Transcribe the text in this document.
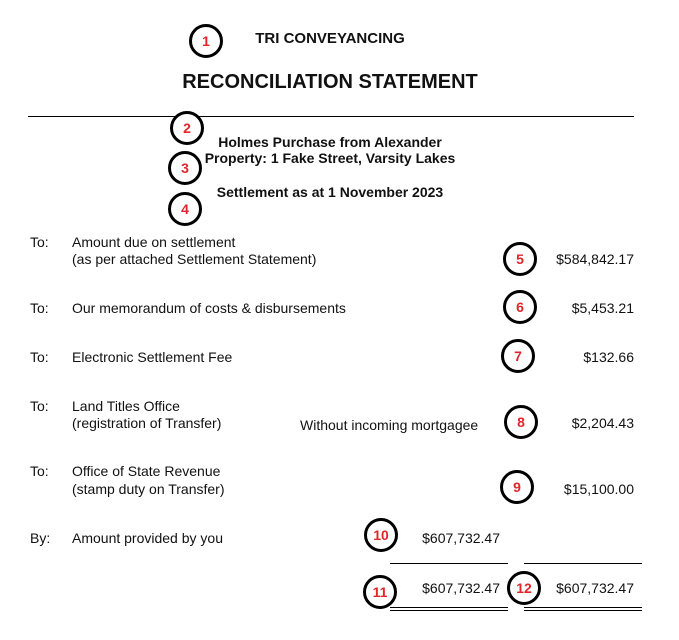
TRI CONVEYANCING
RECONCILIATION STATEMENT
Holmes Purchase from Alexander
Property: 1 Fake Street, Varsity Lakes
Settlement as at 1 November 2023
To: Amount due on settlement
(as per attached Settlement Statement)	$584,842.17
To: Our memorandum of costs & disbursements	$5,453.21
To: Electronic Settlement Fee	$132.66
To: Land Titles Office
(registration of Transfer)	Without incoming mortgagee	$2,204.43
To: Office of State Revenue
(stamp duty on Transfer)	$15,100.00
By: Amount provided by you	$607,732.47
$607,732.47	$607,732.47
1
2
3
4
5
6
7
8
9
10
11	12
